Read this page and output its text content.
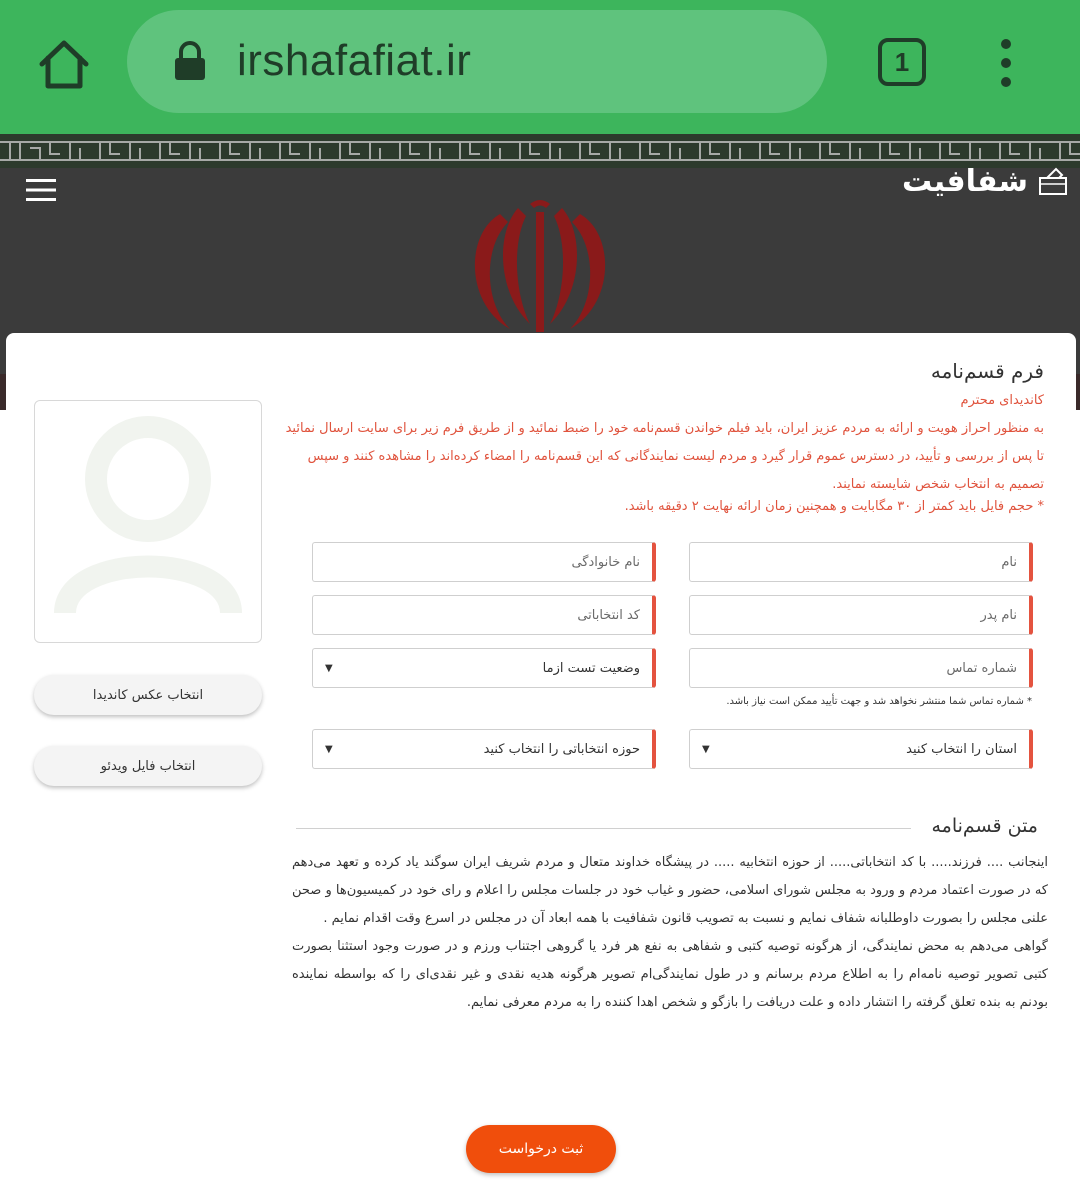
irshafafiat.ir	1
شفافیت
فرم قسم‌نامه
کاندیدای محترم
به منظور احراز هویت و ارائه به مردم عزیز ایران، باید فیلم خواندن قسم‌نامه خود را ضبط نمائید و از طریق فرم زیر برای سایت ارسال نمائید تا پس از بررسی و تأیید، در دسترس عموم قرار گیرد و مردم لیست نمایندگانی که این قسم‌نامه را امضاء کرده‌اند را مشاهده کنند و سپس تصمیم به انتخاب شخص شایسته نمایند.
* حجم فایل باید کمتر از ۳۰ مگابایت و همچنین زمان ارائه نهایت ۲ دقیقه باشد.
نام
نام پدر
شماره تماس
* شماره تماس شما منتشر نخواهد شد و جهت تأیید ممکن است نیاز باشد.
استان را انتخاب کنید
▼
نام خانوادگی
کد انتخاباتی
وضعیت تست ازما
▼
حوزه انتخاباتی را انتخاب کنید
▼
انتخاب عکس کاندیدا
انتخاب فایل ویدئو
متن قسم‌نامه

اینجانب .... فرزند..... با کد انتخاباتی..... از حوزه انتخابیه ..... در پیشگاه خداوند متعال و مردم شریف ایران سوگند یاد کرده و تعهد می‌دهم که در صورت اعتماد مردم و ورود به مجلس شورای اسلامی، حضور و غیاب خود در جلسات مجلس را اعلام و رای خود در کمیسیون‌ها و صحن علنی مجلس را بصورت داوطلبانه شفاف نمایم و نسبت به تصویب قانون شفافیت با همه ابعاد آن در مجلس در اسرع وقت اقدام نمایم .

گواهی می‌دهم به محض نمایندگی، از هرگونه توصیه کتبی و شفاهی به نفع هر فرد یا گروهی اجتناب ورزم و در صورت وجود استثنا بصورت کتبی تصویر توصیه نامه‌ام را به اطلاع مردم برسانم و در طول نمایندگی‌ام تصویر هرگونه هدیه نقدی و غیر نقدی‌ای را که بواسطه نماینده بودنم به بنده تعلق گرفته را انتشار داده و علت دریافت را بازگو و شخص اهدا کننده را به مردم معرفی نمایم.

ثبت درخواست
